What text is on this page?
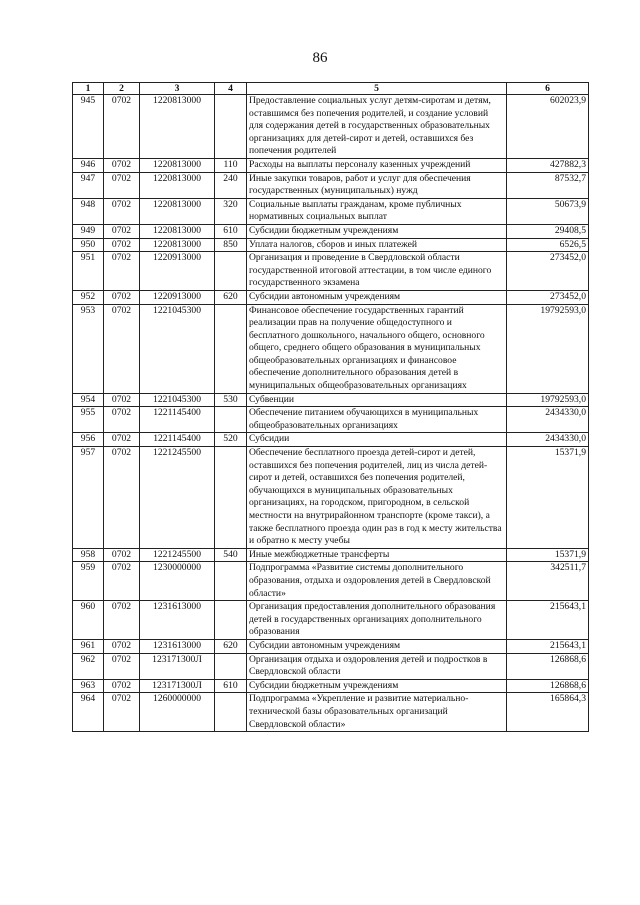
86
1	2	3	4	5	6
945	0702	1220813000		Предоставление социальных услуг детям-сиротам и детям, оставшимся без попечения родителей, и создание условий для содержания детей в государственных образовательных организациях для детей-сирот и детей, оставшихся без попечения родителей	602023,9
946	0702	1220813000	110	Расходы на выплаты персоналу казенных учреждений	427882,3
947	0702	1220813000	240	Иные закупки товаров, работ и услуг для обеспечения государственных (муниципальных) нужд	87532,7
948	0702	1220813000	320	Социальные выплаты гражданам, кроме публичных нормативных социальных выплат	50673,9
949	0702	1220813000	610	Субсидии бюджетным учреждениям	29408,5
950	0702	1220813000	850	Уплата налогов, сборов и иных платежей	6526,5
951	0702	1220913000		Организация и проведение в Свердловской области государственной итоговой аттестации, в том числе единого государственного экзамена	273452,0
952	0702	1220913000	620	Субсидии автономным учреждениям	273452,0
953	0702	1221045300		Финансовое обеспечение государственных гарантий реализации прав на получение общедоступного и бесплатного дошкольного, начального общего, основного общего, среднего общего образования в муниципальных общеобразовательных организациях и финансовое обеспечение дополнительного образования детей в муниципальных общеобразовательных организациях	19792593,0
954	0702	1221045300	530	Субвенции	19792593,0
955	0702	1221145400		Обеспечение питанием обучающихся в муниципальных общеобразовательных организациях	2434330,0
956	0702	1221145400	520	Субсидии	2434330,0
957	0702	1221245500		Обеспечение бесплатного проезда детей-сирот и детей, оставшихся без попечения родителей, лиц из числа детей-сирот и детей, оставшихся без попечения родителей, обучающихся в муниципальных образовательных организациях, на городском, пригородном, в сельской местности на внутрирайонном транспорте (кроме такси), а также бесплатного проезда один раз в год к месту жительства и обратно к месту учебы	15371,9
958	0702	1221245500	540	Иные межбюджетные трансферты	15371,9
959	0702	1230000000		Подпрограмма «Развитие системы дополнительного образования, отдыха и оздоровления детей в Свердловской области»	342511,7
960	0702	1231613000		Организация предоставления дополнительного образования детей в государственных организациях дополнительного образования	215643,1
961	0702	1231613000	620	Субсидии автономным учреждениям	215643,1
962	0702	123171300Л		Организация отдыха и оздоровления детей и подростков в Свердловской области	126868,6
963	0702	123171300Л	610	Субсидии бюджетным учреждениям	126868,6
964	0702	1260000000		Подпрограмма «Укрепление и развитие материально-технической базы образовательных организаций Свердловской области»	165864,3
